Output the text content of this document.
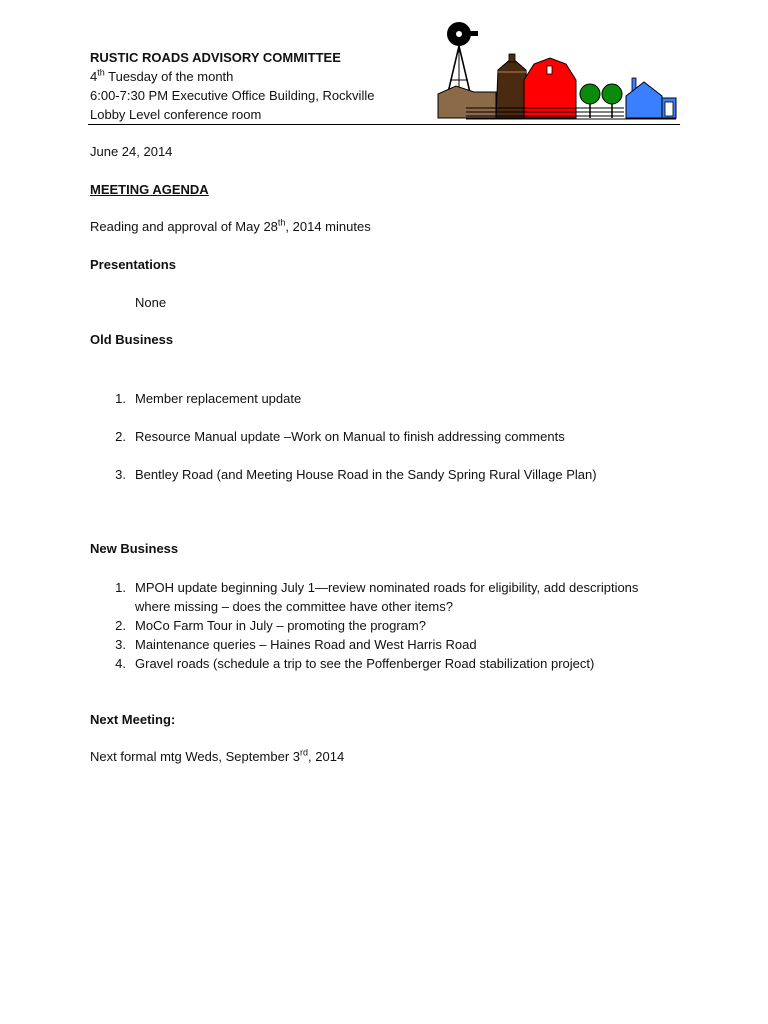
RUSTIC ROADS ADVISORY COMMITTEE
4th Tuesday of the month
6:00-7:30 PM Executive Office Building, Rockville
Lobby Level conference room
June 24, 2014
MEETING AGENDA
Reading and approval of May 28th, 2014 minutes
Presentations
None
Old Business
1. Member replacement update
2. Resource Manual update –Work on Manual to finish addressing comments
3. Bentley Road (and Meeting House Road in the Sandy Spring Rural Village Plan)
New Business
1. MPOH update beginning July 1—review nominated roads for eligibility, add descriptions
where missing – does the committee have other items?
2. MoCo Farm Tour in July – promoting the program?
3. Maintenance queries – Haines Road and West Harris Road
4. Gravel roads (schedule a trip to see the Poffenberger Road stabilization project)
Next Meeting:
Next formal mtg Weds, September 3rd, 2014
